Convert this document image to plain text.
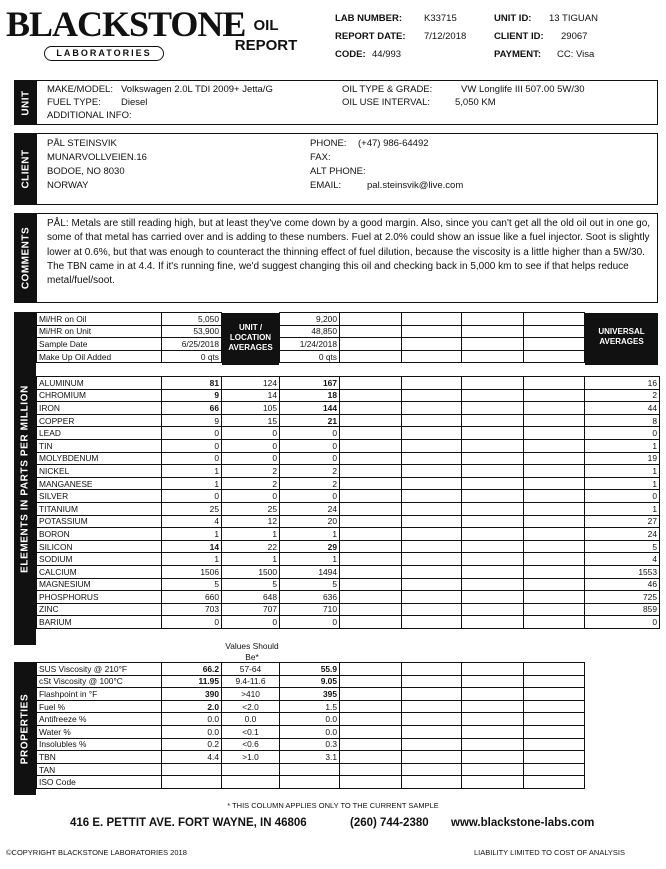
BLACKSTONE
LABORATORIES
OIL
REPORT
LAB NUMBER: K33715
REPORT DATE: 7/12/2018
CODE: 44/993
UNIT ID: 13 TIGUAN
CLIENT ID: 29067
PAYMENT: CC: Visa
UNIT
MAKE/MODEL: Volkswagen 2.0L TDI 2009+ Jetta/G
FUEL TYPE: Diesel
ADDITIONAL INFO:
OIL TYPE & GRADE:	VW Longlife III 507.00 5W/30
OIL USE INTERVAL:	5,050 KM
CLIENT
PÅL STEINSVIK
MUNARVOLLVEIEN.16
BODOE, NO 8030
NORWAY
PHONE: (+47) 986-64492
FAX:
ALT PHONE:
EMAIL:	pal.steinsvik@live.com
COMMENTS
PÅL: Metals are still reading high, but at least they've come down by a good margin. Also, since you can't get all the old oil out in one go, some of that metal has carried over and is adding to these numbers. Fuel at 2.0% could show an issue like a fuel injector. Soot is slightly lower at 0.6%, but that was enough to counteract the thinning effect of fuel dilution, because the viscosity is a little higher than a 5W/30. The TBN came in at 4.4. If it's running fine, we'd suggest changing this oil and checking back in 5,000 km to see if that helps reduce metal/fuel/soot.
ELEMENTS IN PARTS PER MILLION
Mi/HR on Oil	5,050		9,200					
Mi/HR on Unit	53,900		48,850					
Sample Date	6/25/2018		1/24/2018					
Make Up Oil Added	0 qts		0 qts					
UNIT / LOCATION AVERAGES
UNIVERSAL AVERAGES
ALUMINUM	81	124	167					16
CHROMIUM	9	14	18					2
IRON	66	105	144					44
COPPER	9	15	21					8
LEAD	0	0	0					0
TIN	0	0	0					1
MOLYBDENUM	0	0	0					19
NICKEL	1	2	2					1
MANGANESE	1	2	2					1
SILVER	0	0	0					0
TITANIUM	25	25	24					1
POTASSIUM	4	12	20					27
BORON	1	1	1					24
SILICON	14	22	29					5
SODIUM	1	1	1					4
CALCIUM	1506	1500	1494					1553
MAGNESIUM	5	5	5					46
PHOSPHORUS	660	648	636					725
ZINC	703	707	710					859
BARIUM	0	0	0					0
Values Should Be*
PROPERTIES
SUS Viscosity @ 210°F	66.2	57-64	55.9					
cSt Viscosity @ 100°C	11.95	9.4-11.6	9.05					
Flashpoint in °F	390	>410	395					
Fuel %	2.0	<2.0	1.5					
Antifreeze %	0.0	0.0	0.0					
Water %	0.0	<0.1	0.0					
Insolubles %	0.2	<0.6	0.3					
TBN	4.4	>1.0	3.1					
TAN								
ISO Code								
* THIS COLUMN APPLIES ONLY TO THE CURRENT SAMPLE
416 E. PETTIT AVE. FORT WAYNE, IN 46806	(260) 744-2380 www.blackstone-labs.com
©COPYRIGHT BLACKSTONE LABORATORIES 2018	LIABILITY LIMITED TO COST OF ANALYSIS
